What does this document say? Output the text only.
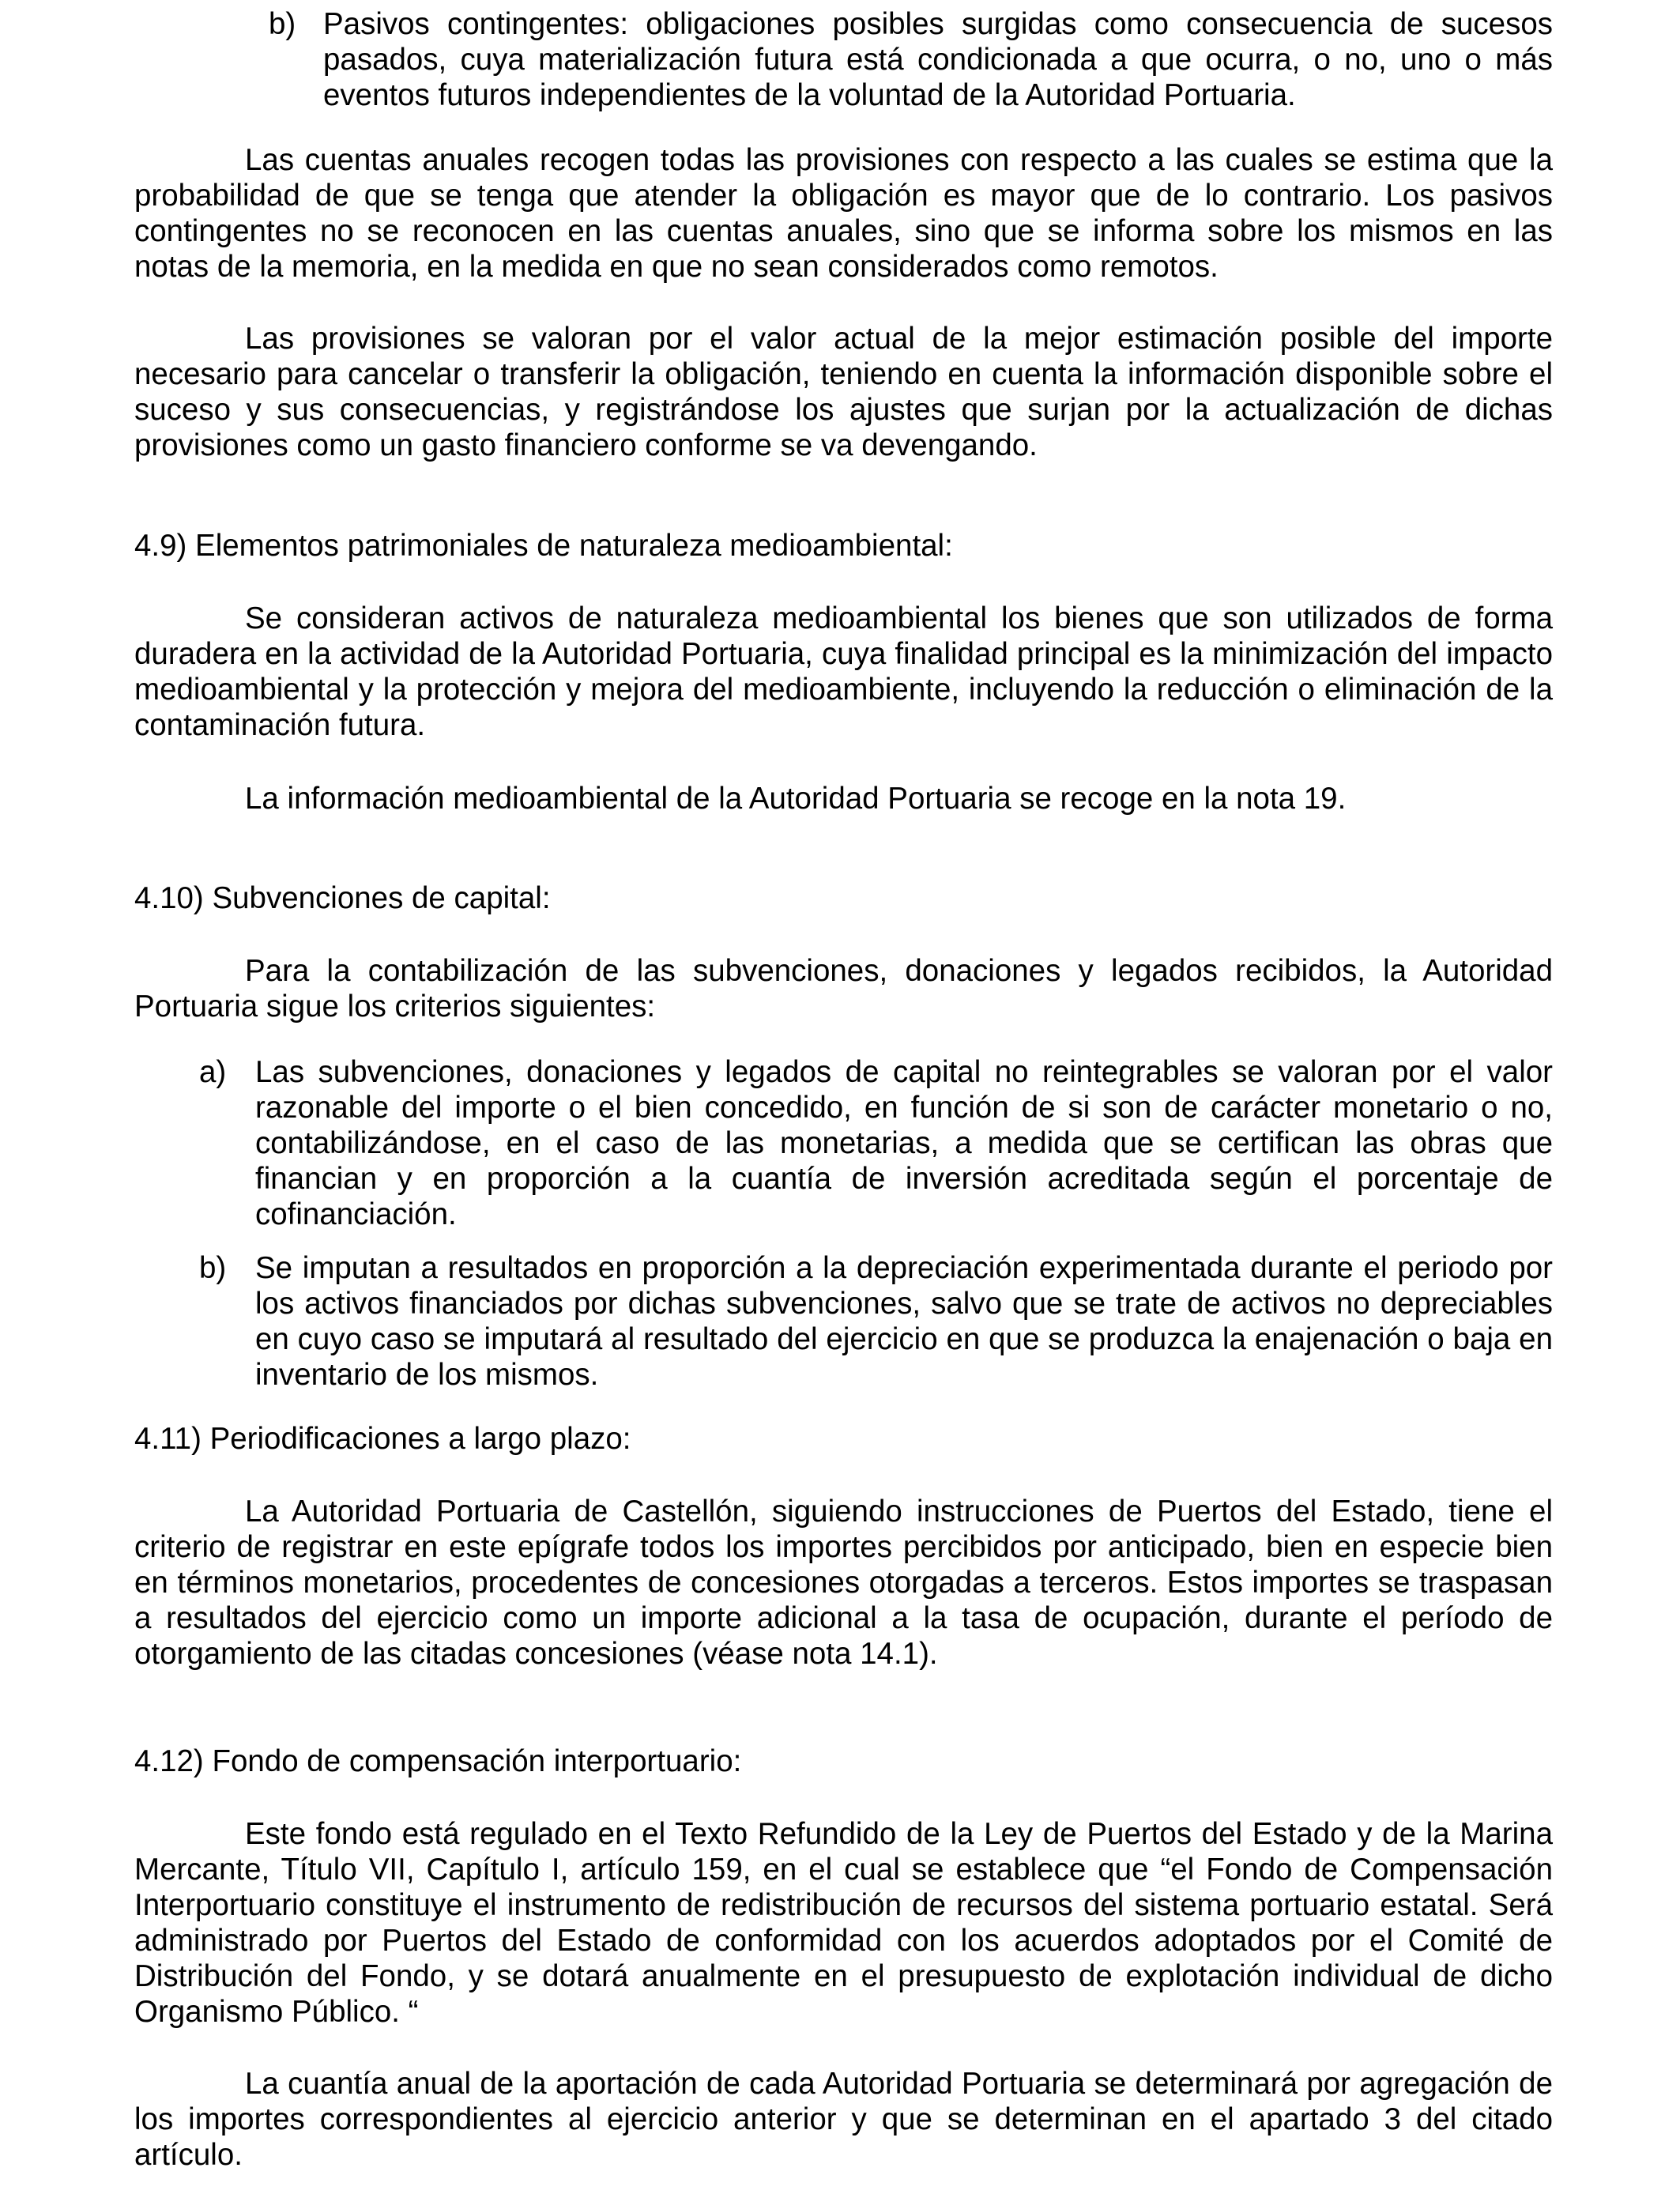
b) Pasivos contingentes: obligaciones posibles surgidas como consecuencia de sucesos pasados, cuya materialización futura está condicionada a que ocurra, o no, uno o más eventos futuros independientes de la voluntad de la Autoridad Portuaria.

Las cuentas anuales recogen todas las provisiones con respecto a las cuales se estima que la probabilidad de que se tenga que atender la obligación es mayor que de lo contrario. Los pasivos contingentes no se reconocen en las cuentas anuales, sino que se informa sobre los mismos en las notas de la memoria, en la medida en que no sean considerados como remotos.

Las provisiones se valoran por el valor actual de la mejor estimación posible del importe necesario para cancelar o transferir la obligación, teniendo en cuenta la información disponible sobre el suceso y sus consecuencias, y registrándose los ajustes que surjan por la actualización de dichas provisiones como un gasto financiero conforme se va devengando.

4.9) Elementos patrimoniales de naturaleza medioambiental:

Se consideran activos de naturaleza medioambiental los bienes que son utilizados de forma duradera en la actividad de la Autoridad Portuaria, cuya finalidad principal es la minimización del impacto medioambiental y la protección y mejora del medioambiente, incluyendo la reducción o eliminación de la contaminación futura.

La información medioambiental de la Autoridad Portuaria se recoge en la nota 19.

4.10) Subvenciones de capital:

Para la contabilización de las subvenciones, donaciones y legados recibidos, la Autoridad Portuaria sigue los criterios siguientes:

a) Las subvenciones, donaciones y legados de capital no reintegrables se valoran por el valor razonable del importe o el bien concedido, en función de si son de carácter monetario o no, contabilizándose, en el caso de las monetarias, a medida que se certifican las obras que financian y en proporción a la cuantía de inversión acreditada según el porcentaje de cofinanciación.
b) Se imputan a resultados en proporción a la depreciación experimentada durante el periodo por los activos financiados por dichas subvenciones, salvo que se trate de activos no depreciables en cuyo caso se imputará al resultado del ejercicio en que se produzca la enajenación o baja en inventario de los mismos.
4.11) Periodificaciones a largo plazo:

La Autoridad Portuaria de Castellón, siguiendo instrucciones de Puertos del Estado, tiene el criterio de registrar en este epígrafe todos los importes percibidos por anticipado, bien en especie bien en términos monetarios, procedentes de concesiones otorgadas a terceros. Estos importes se traspasan a resultados del ejercicio como un importe adicional a la tasa de ocupación, durante el período de otorgamiento de las citadas concesiones (véase nota 14.1).

4.12) Fondo de compensación interportuario:

Este fondo está regulado en el Texto Refundido de la Ley de Puertos del Estado y de la Marina Mercante, Título VII, Capítulo I, artículo 159, en el cual se establece que “el Fondo de Compensación Interportuario constituye el instrumento de redistribución de recursos del sistema portuario estatal. Será administrado por Puertos del Estado de conformidad con los acuerdos adoptados por el Comité de Distribución del Fondo, y se dotará anualmente en el presupuesto de explotación individual de dicho Organismo Público. “

La cuantía anual de la aportación de cada Autoridad Portuaria se determinará por agregación de los importes correspondientes al ejercicio anterior y que se determinan en el apartado 3 del citado artículo.
